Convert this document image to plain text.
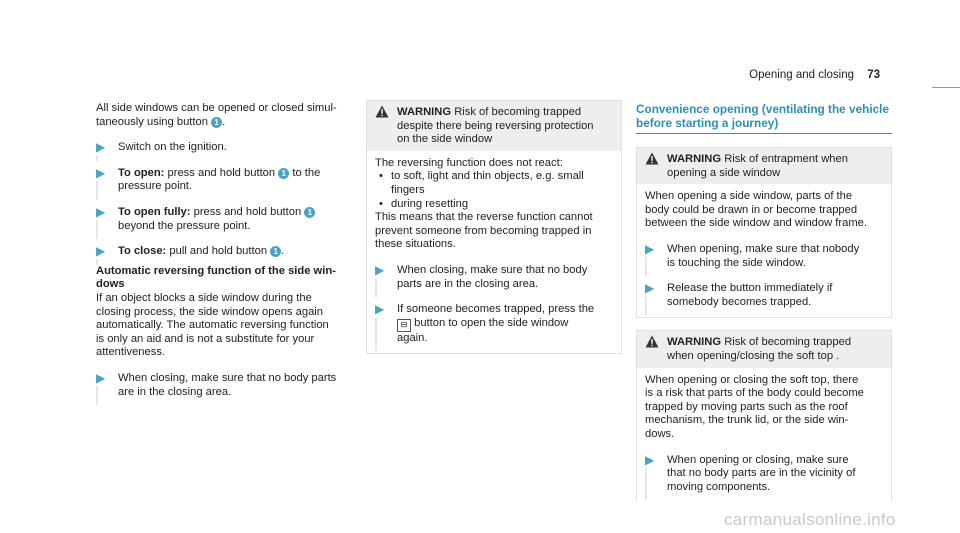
Opening and closing 73

All side windows can be opened or closed simul-

taneously using button 1 .

▶ Switch on the ignition.

▶ To open: press and hold button 1 to the

pressure point.

▶ To open fully: press and hold button 1

beyond the pressure point.

▶ To close: pull and hold button 1 .

Automatic reversing function of the side win-

dows

If an object blocks a side window during the

closing process, the side window opens again

automatically. The automatic reversing function

is only an aid and is not a substitute for your

attentiveness.

▶ When closing, make sure that no body parts

are in the closing area.

WARNING Risk of becoming trapped

despite there being reversing protection

on the side window

The reversing function does not react:

• to soft, light and thin objects, e.g. small

fingers

• during resetting

This means that the reverse function cannot

prevent someone from becoming trapped in

these situations.

▶ When closing, make sure that no body

parts are in the closing area.

▶ If someone becomes trapped, press the

⊟ button to open the side window

again.

Convenience opening (ventilating the vehicle

before starting a journey)

WARNING Risk of entrapment when

opening a side window

When opening a side window, parts of the

body could be drawn in or become trapped

between the side window and window frame.

▶ When opening, make sure that nobody

is touching the side window.

▶ Release the button immediately if

somebody becomes trapped.

WARNING Risk of becoming trapped

when opening/closing the soft top .

When opening or closing the soft top, there

is a risk that parts of the body could become

trapped by moving parts such as the roof

mechanism, the trunk lid, or the side win-

dows.

▶ When opening or closing, make sure

that no body parts are in the vicinity of

moving components.

carmanualsonline.info
